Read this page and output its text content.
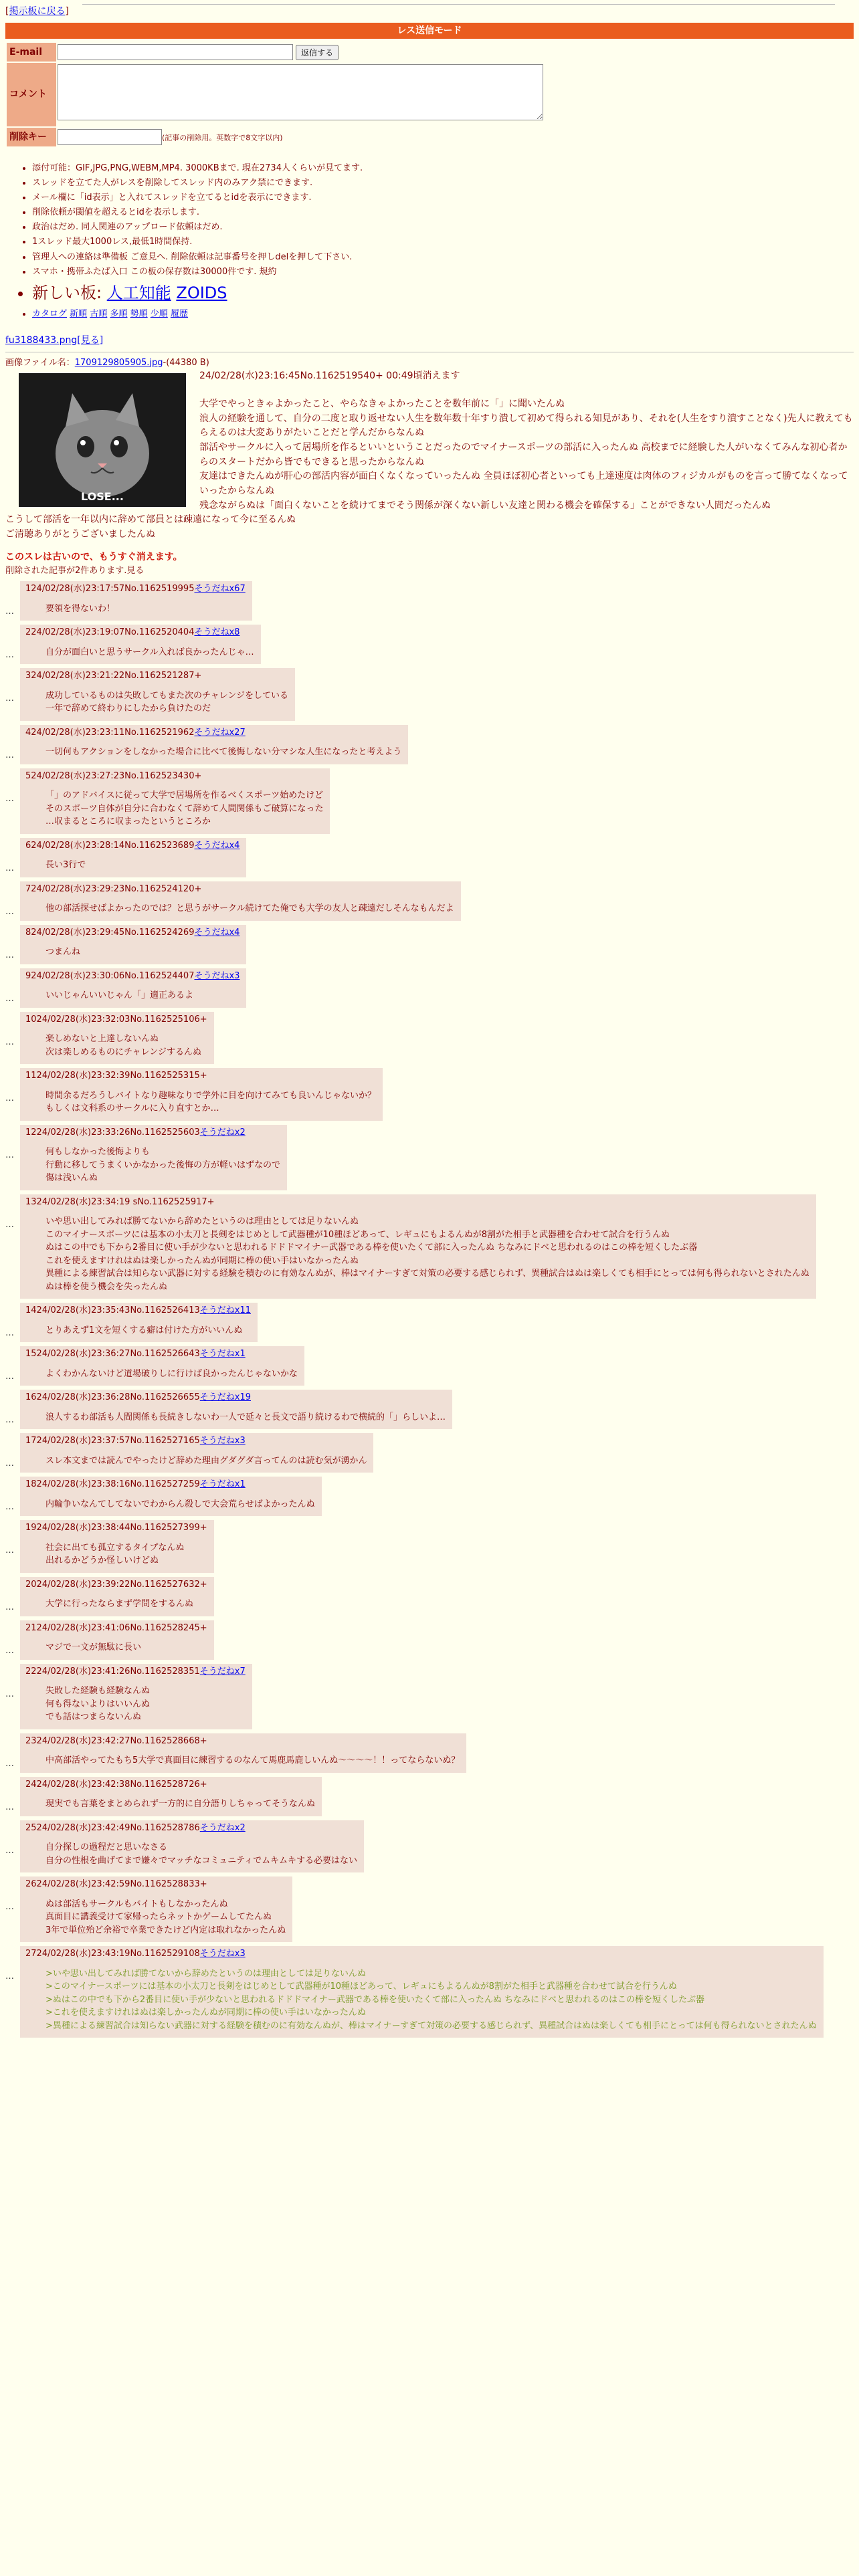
[掲示板に戻る]
レス送信モード
E-mail	返信する
コメント	
削除キー	(記事の削除用。英数字で8文字以内)
• 添付可能：GIF,JPG,PNG,WEBM,MP4. 3000KBまで. 現在2734人くらいが見てます.
• スレッドを立てた人がレスを削除してスレッド内のみアク禁にできます.
• メール欄に「id表示」と入れてスレッドを立てるとidを表示にできます.
• 削除依頼が閾値を超えるとidを表示します.
• 政治はだめ. 同人関連のアップロード依頼はだめ.
• 1スレッド最大1000レス,最低1時間保持.
• 管理人への連絡は準備板 ご意見へ. 削除依頼は記事番号を押しdelを押して下さい.
• スマホ・携帯ふたば入口 この板の保存数は30000件です. 規約
• 新しい板: 人工知能 ZOIDS
• カタログ 新順 古順 多順 勢順 少順 履歴
fu3188433.png[見る]
画像ファイル名：1709129805905.jpg-(44380 B)
LOSE...
24/02/28(水)23:16:45No.1162519540+ 00:49頃消えます
大学でやっときゃよかったこと、やらなきゃよかったことを数年前に「」に聞いたんぬ
浪人の経験を通して、自分の二度と取り返せない人生を数年数十年すり潰して初めて得られる知見があり、それを(人生をすり潰すことなく)先人に教えてもらえるのは大変ありがたいことだと学んだからなんぬ
部活やサークルに入って居場所を作るといいということだったのでマイナースポーツの部活に入ったんぬ 高校までに経験した人がいなくてみんな初心者からのスタートだから皆でもできると思ったからなんぬ
友達はできたんぬが肝心の部活内容が面白くなくなっていったんぬ 全員ほぼ初心者といっても上達速度は肉体のフィジカルがものを言って勝てなくなっていったからなんぬ
残念ながらぬは「面白くないことを続けてまでそう関係が深くない新しい友達と関わる機会を確保する」ことができない人間だったんぬ
こうして部活を一年以内に辞めて部員とは疎遠になって今に至るんぬ
ご清聴ありがとうございましたんぬ
このスレは古いので、もうすぐ消えます。
削除された記事が2件あります.見る
…
124/02/28(水)23:17:57No.1162519995そうだねx67
要領を得ないわ！
…
224/02/28(水)23:19:07No.1162520404そうだねx8
自分が面白いと思うサークル入れば良かったんじゃ…
…
324/02/28(水)23:21:22No.1162521287+
成功しているものは失敗してもまた次のチャレンジをしている
一年で辞めて終わりにしたから負けたのだ
…
424/02/28(水)23:23:11No.1162521962そうだねx27
一切何もアクションをしなかった場合に比べて後悔しない分マシな人生になったと考えよう
…
524/02/28(水)23:27:23No.1162523430+
「」のアドバイスに従って大学で居場所を作るべくスポーツ始めたけど
そのスポーツ自体が自分に合わなくて辞めて人間関係もご破算になった
…収まるところに収まったというところか
…
624/02/28(水)23:28:14No.1162523689そうだねx4
長い3行で
…
724/02/28(水)23:29:23No.1162524120+
他の部活探せばよかったのでは？と思うがサークル続けてた俺でも大学の友人と疎遠だしそんなもんだよ
…
824/02/28(水)23:29:45No.1162524269そうだねx4
つまんね
…
924/02/28(水)23:30:06No.1162524407そうだねx3
いいじゃんいいじゃん「」適正あるよ
…
1024/02/28(水)23:32:03No.1162525106+
楽しめないと上達しないんぬ
次は楽しめるものにチャレンジするんぬ
…
1124/02/28(水)23:32:39No.1162525315+
時間余るだろうしバイトなり趣味なりで学外に目を向けてみても良いんじゃないか？
もしくは文科系のサークルに入り直すとか…
…
1224/02/28(水)23:33:26No.1162525603そうだねx2
何もしなかった後悔よりも
行動に移してうまくいかなかった後悔の方が軽いはずなので
傷は浅いんぬ
…
1324/02/28(水)23:34:19 sNo.1162525917+
いや思い出してみれば勝てないから辞めたというのは理由としては足りないんぬ
このマイナースポーツには基本の小太刀と長剣をはじめとして武器種が10種ほどあって、レギュにもよるんぬが8割がた相手と武器種を合わせて試合を行うんぬ
ぬはこの中でも下から2番目に使い手が少ないと思われるドドドマイナー武器である棒を使いたくて部に入ったんぬ ちなみにドベと思われるのはこの棒を短くしたぶ器
これを使えますけれはぬは楽しかったんぬが同期に棒の使い手はいなかったんぬ
異種による練習試合は知らない武器に対する経験を積むのに有効なんぬが、棒はマイナーすぎて対策の必要する感じられず、異種試合はぬは楽しくても相手にとっては何も得られないとされたんぬ
ぬは棒を使う機会を失ったんぬ
…
1424/02/28(水)23:35:43No.1162526413そうだねx11
とりあえず1文を短くする癖は付けた方がいいんぬ
…
1524/02/28(水)23:36:27No.1162526643そうだねx1
よくわかんないけど道場破りしに行けば良かったんじゃないかな
…
1624/02/28(水)23:36:28No.1162526655そうだねx19
浪人するわ部活も人間関係も長続きしないわ一人で延々と長文で語り続けるわで横続的「」らしいよ…
…
1724/02/28(水)23:37:57No.1162527165そうだねx3
スレ本文までは読んでやったけど辞めた理由グダグダ言ってんのは読む気が湧かん
…
1824/02/28(水)23:38:16No.1162527259そうだねx1
内輪争いなんてしてないでわからん殺しで大会荒らせばよかったんぬ
…
1924/02/28(水)23:38:44No.1162527399+
社会に出ても孤立するタイプなんぬ
出れるかどうか怪しいけどぬ
…
2024/02/28(水)23:39:22No.1162527632+
大学に行ったならまず学問をするんぬ
…
2124/02/28(水)23:41:06No.1162528245+
マジで一文が無駄に長い
…
2224/02/28(水)23:41:26No.1162528351そうだねx7
失敗した経験も経験なんぬ
何も得ないよりはいいんぬ
でも話はつまらないんぬ
…
2324/02/28(水)23:42:27No.1162528668+
中高部活やってたもち5大学で真面目に練習するのなんて馬鹿馬鹿しいんぬ〜〜〜〜！！ってならないぬ？
…
2424/02/28(水)23:42:38No.1162528726+
現実でも言葉をまとめられず一方的に自分語りしちゃってそうなんぬ
…
2524/02/28(水)23:42:49No.1162528786そうだねx2
自分探しの過程だと思いなさる
自分の性根を曲げてまで嫌々でマッチなコミュニティでムキムキする必要はない
…
2624/02/28(水)23:42:59No.1162528833+
ぬは部活もサークルもバイトもしなかったんぬ
真面目に講義受けて家帰ったらネットかゲームしてたんぬ
3年で単位殆ど余裕で卒業できたけど内定は取れなかったんぬ
…
2724/02/28(水)23:43:19No.1162529108そうだねx3
>いや思い出してみれば勝てないから辞めたというのは理由としては足りないんぬ
>このマイナースポーツには基本の小太刀と長剣をはじめとして武器種が10種ほどあって、レギュにもよるんぬが8割がた相手と武器種を合わせて試合を行うんぬ
>ぬはこの中でも下から2番目に使い手が少ないと思われるドドドマイナー武器である棒を使いたくて部に入ったんぬ ちなみにドベと思われるのはこの棒を短くしたぶ器
>これを使えますけれはぬは楽しかったんぬが同期に棒の使い手はいなかったんぬ
>異種による練習試合は知らない武器に対する経験を積むのに有効なんぬが、棒はマイナーすぎて対策の必要する感じられず、異種試合はぬは楽しくても相手にとっては何も得られないとされたんぬ
